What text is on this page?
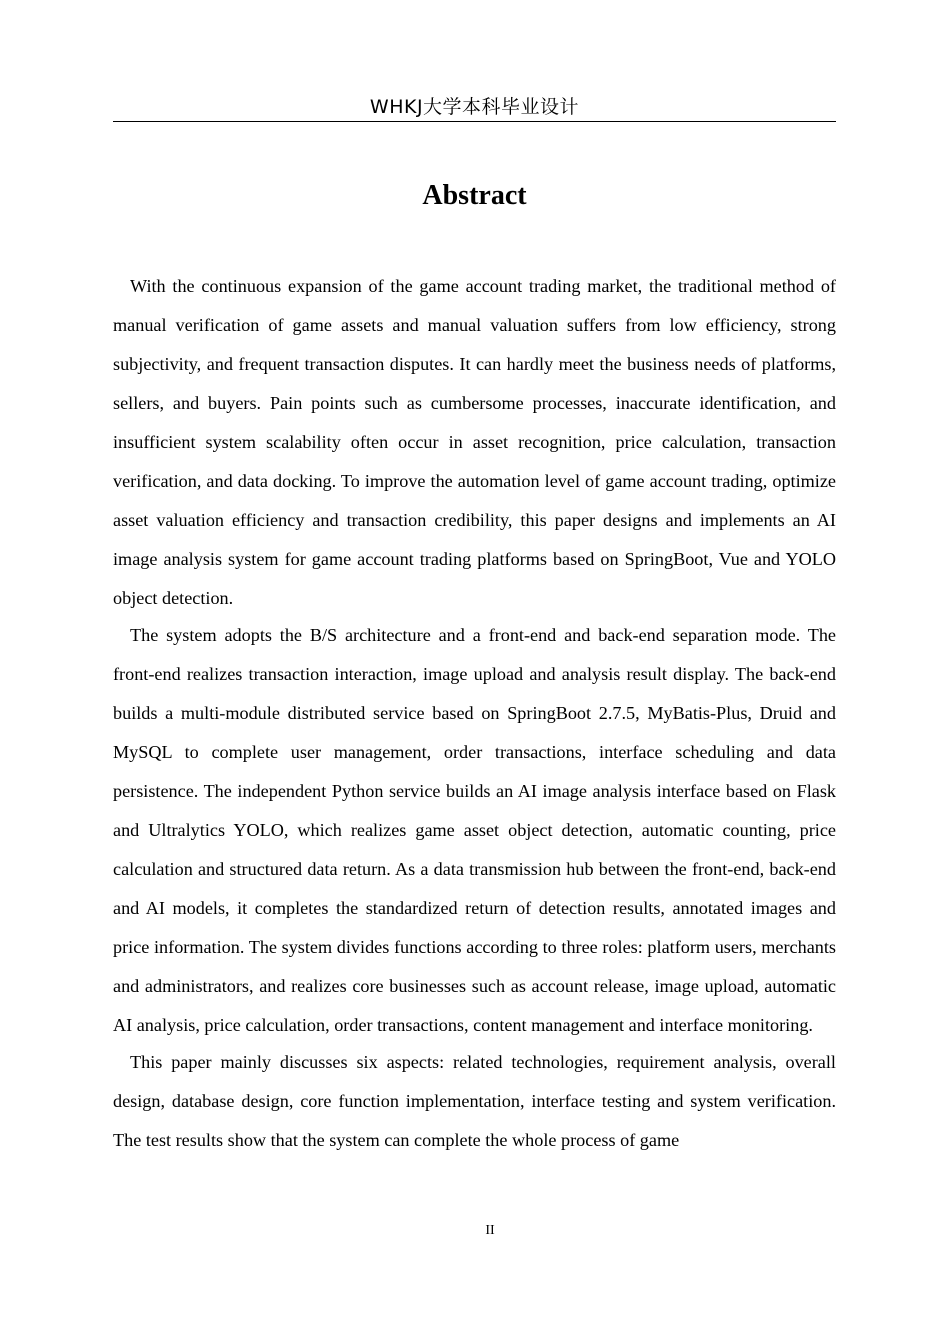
WHKJ大学本科毕业设计
Abstract

With the continuous expansion of the game account trading market, the traditional method of manual verification of game assets and manual valuation suffers from low efficiency, strong subjectivity, and frequent transaction disputes. It can hardly meet the business needs of platforms, sellers, and buyers. Pain points such as cumbersome processes, inaccurate identification, and insufficient system scalability often occur in asset recognition, price calculation, transaction verification, and data docking. To improve the automation level of game account trading, optimize asset valuation efficiency and transaction credibility, this paper designs and implements an AI image analysis system for game account trading platforms based on SpringBoot, Vue and YOLO object detection.

The system adopts the B/S architecture and a front-end and back-end separation mode. The front-end realizes transaction interaction, image upload and analysis result display. The back-end builds a multi-module distributed service based on SpringBoot 2.7.5, MyBatis-Plus, Druid and MySQL to complete user management, order transactions, interface scheduling and data persistence. The independent Python service builds an AI image analysis interface based on Flask and Ultralytics YOLO, which realizes game asset object detection, automatic counting, price calculation and structured data return. As a data transmission hub between the front-end, back-end and AI models, it completes the standardized return of detection results, annotated images and price information. The system divides functions according to three roles: platform users, merchants and administrators, and realizes core businesses such as account release, image upload, automatic AI analysis, price calculation, order transactions, content management and interface monitoring.

This paper mainly discusses six aspects: related technologies, requirement analysis, overall design, database design, core function implementation, interface testing and system verification. The test results show that the system can complete the whole process of game

II
